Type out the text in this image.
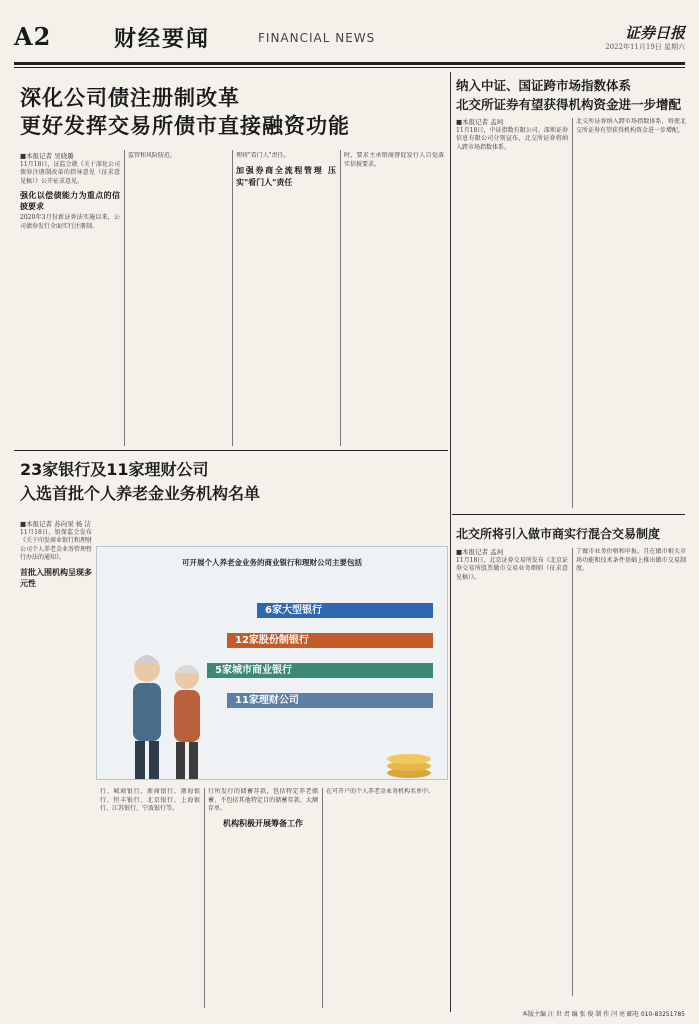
A2	财经要闻	FINANCIAL NEWS	证券日报
2022年11月19日 星期六
深化公司债注册制改革
更好发挥交易所债市直接融资功能
■本报记者 吴晓璐
11月18日，证监会就《关于深化公司债券注册制改革的指导意见（征求意见稿）》公开征求意见。
强化以偿债能力为重点的信披要求
2020年3月份新证券法实施以来，公司债券发行全面实行注册制。
监管和风险防范。	理将"看门人"责任。
加强券商全流程管理 压实"看门人"责任
时，要求主承销商督促发行人自觉落实信披要求。
纳入中证、国证跨市场指数体系
北交所证券有望获得机构资金进一步增配
■本报记者 孟珂
11月18日，中证指数有限公司、深圳证券信息有限公司分别宣布，北交所证券将纳入跨市场指数体系。
北交所证券纳入跨市场指数体系，将使北交所证券有望获得机构资金进一步增配。
23家银行及11家理财公司
入选首批个人养老金业务机构名单
■本报记者 苏向杲 杨 洁
11月18日，银保监会发布《关于印发商业银行和理财公司个人养老金业务管理暂行办法的通知》。
首批入围机构呈现多元性
可开展个人养老金业务的商业银行和理财公司主要包括
6家大型银行
12家股份制银行
5家城市商业银行
11家理财公司
行、城商银行、浙商银行、渤海银行、恒丰银行、北京银行、上海银行、江苏银行、宁波银行等。
行所发行的储蓄存款，包括特定养老储蓄、不包括其他特定目的储蓄存款、大额存单。
机构积极开展筹备工作
在可开户的个人养老金业务机构名单中。
北交所将引入做市商实行混合交易制度
■本报记者 孟珂
11月18日，北京证券交易所发布《北京证券交易所股票做市交易业务细则（征求意见稿）》。
了做市业务价格和申报，且在做市相关市场功能和技术条件基础上推出做市交易制度。
本版主编 汪 世 责 编 张 俊 制 作 闫 亮 邮电 010-83251785
